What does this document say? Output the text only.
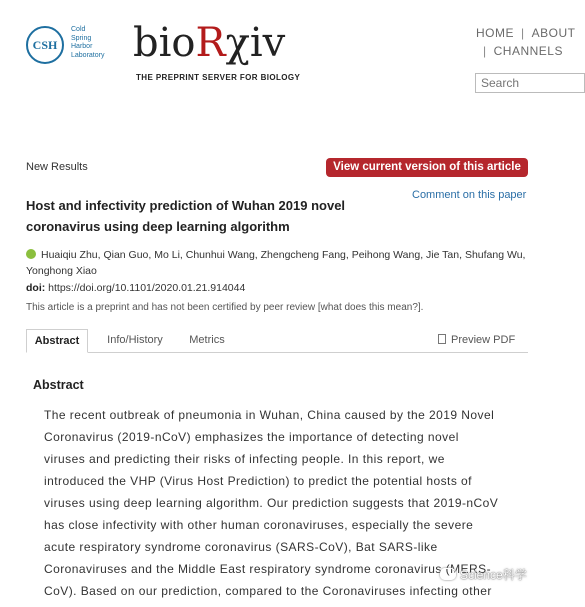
CSH
Cold
Spring
Harbor
Laboratory bioRχiv
THE PREPRINT SERVER FOR BIOLOGY
HOME | ABOUT
| CHANNELS
Search
New Results	View current version of this article
Comment on this paper
Host and infectivity prediction of Wuhan 2019 novel coronavirus using deep learning algorithm
Huaiqiu Zhu, Qian Guo, Mo Li, Chunhui Wang, Zhengcheng Fang, Peihong Wang, Jie Tan, Shufang Wu,
Yonghong Xiao
doi: https://doi.org/10.1101/2020.01.21.914044
This article is a preprint and has not been certified by peer review [what does this mean?].
Abstract	Info/History	Metrics	Preview PDF
Abstract
The recent outbreak of pneumonia in Wuhan, China caused by the 2019 Novel
Coronavirus (2019-nCoV) emphasizes the importance of detecting novel
viruses and predicting their risks of infecting people. In this report, we
introduced the VHP (Virus Host Prediction) to predict the potential hosts of
viruses using deep learning algorithm. Our prediction suggests that 2019-nCoV
has close infectivity with other human coronaviruses, especially the severe
acute respiratory syndrome coronavirus (SARS-CoV), Bat SARS-like
Coronaviruses and the Middle East respiratory syndrome coronavirus (MERS-
CoV). Based on our prediction, compared to the Coronaviruses infecting other
Science科学
